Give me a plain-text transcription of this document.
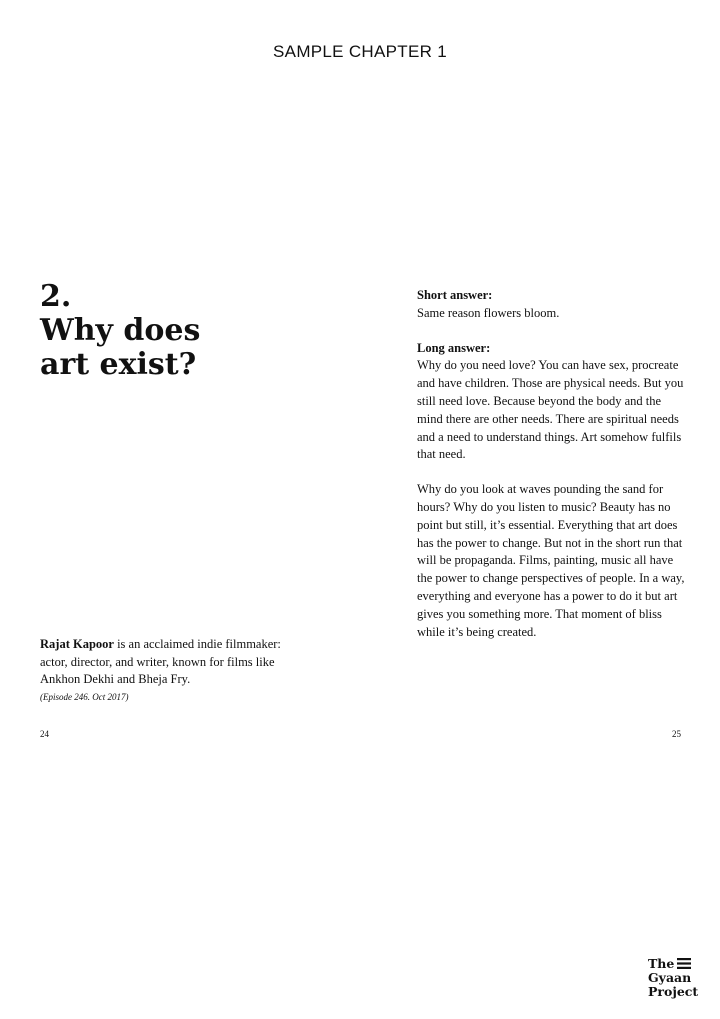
SAMPLE CHAPTER 1
2.
Why does
art exist?
Rajat Kapoor is an acclaimed indie filmmaker: actor, director, and writer, known for films like Ankhon Dekhi and Bheja Fry.
(Episode 246. Oct 2017)
24	25
Short answer:

Same reason flowers bloom.

Long answer:

Why do you need love? You can have sex, procreate and have children. Those are physical needs. But you still need love. Because beyond the body and the mind there are other needs. There are spiritual needs and a need to understand things. Art somehow fulfils that need.

Why do you look at waves pounding the sand for hours? Why do you listen to music? Beauty has no point but still, it’s essential. Everything that art does has the power to change. But not in the short run that will be propaganda. Films, painting, music all have the power to change perspectives of people. In a way, everything and everyone has a power to do it but art gives you something more. That moment of bliss while it’s being created.

The
Gyaan
Project
